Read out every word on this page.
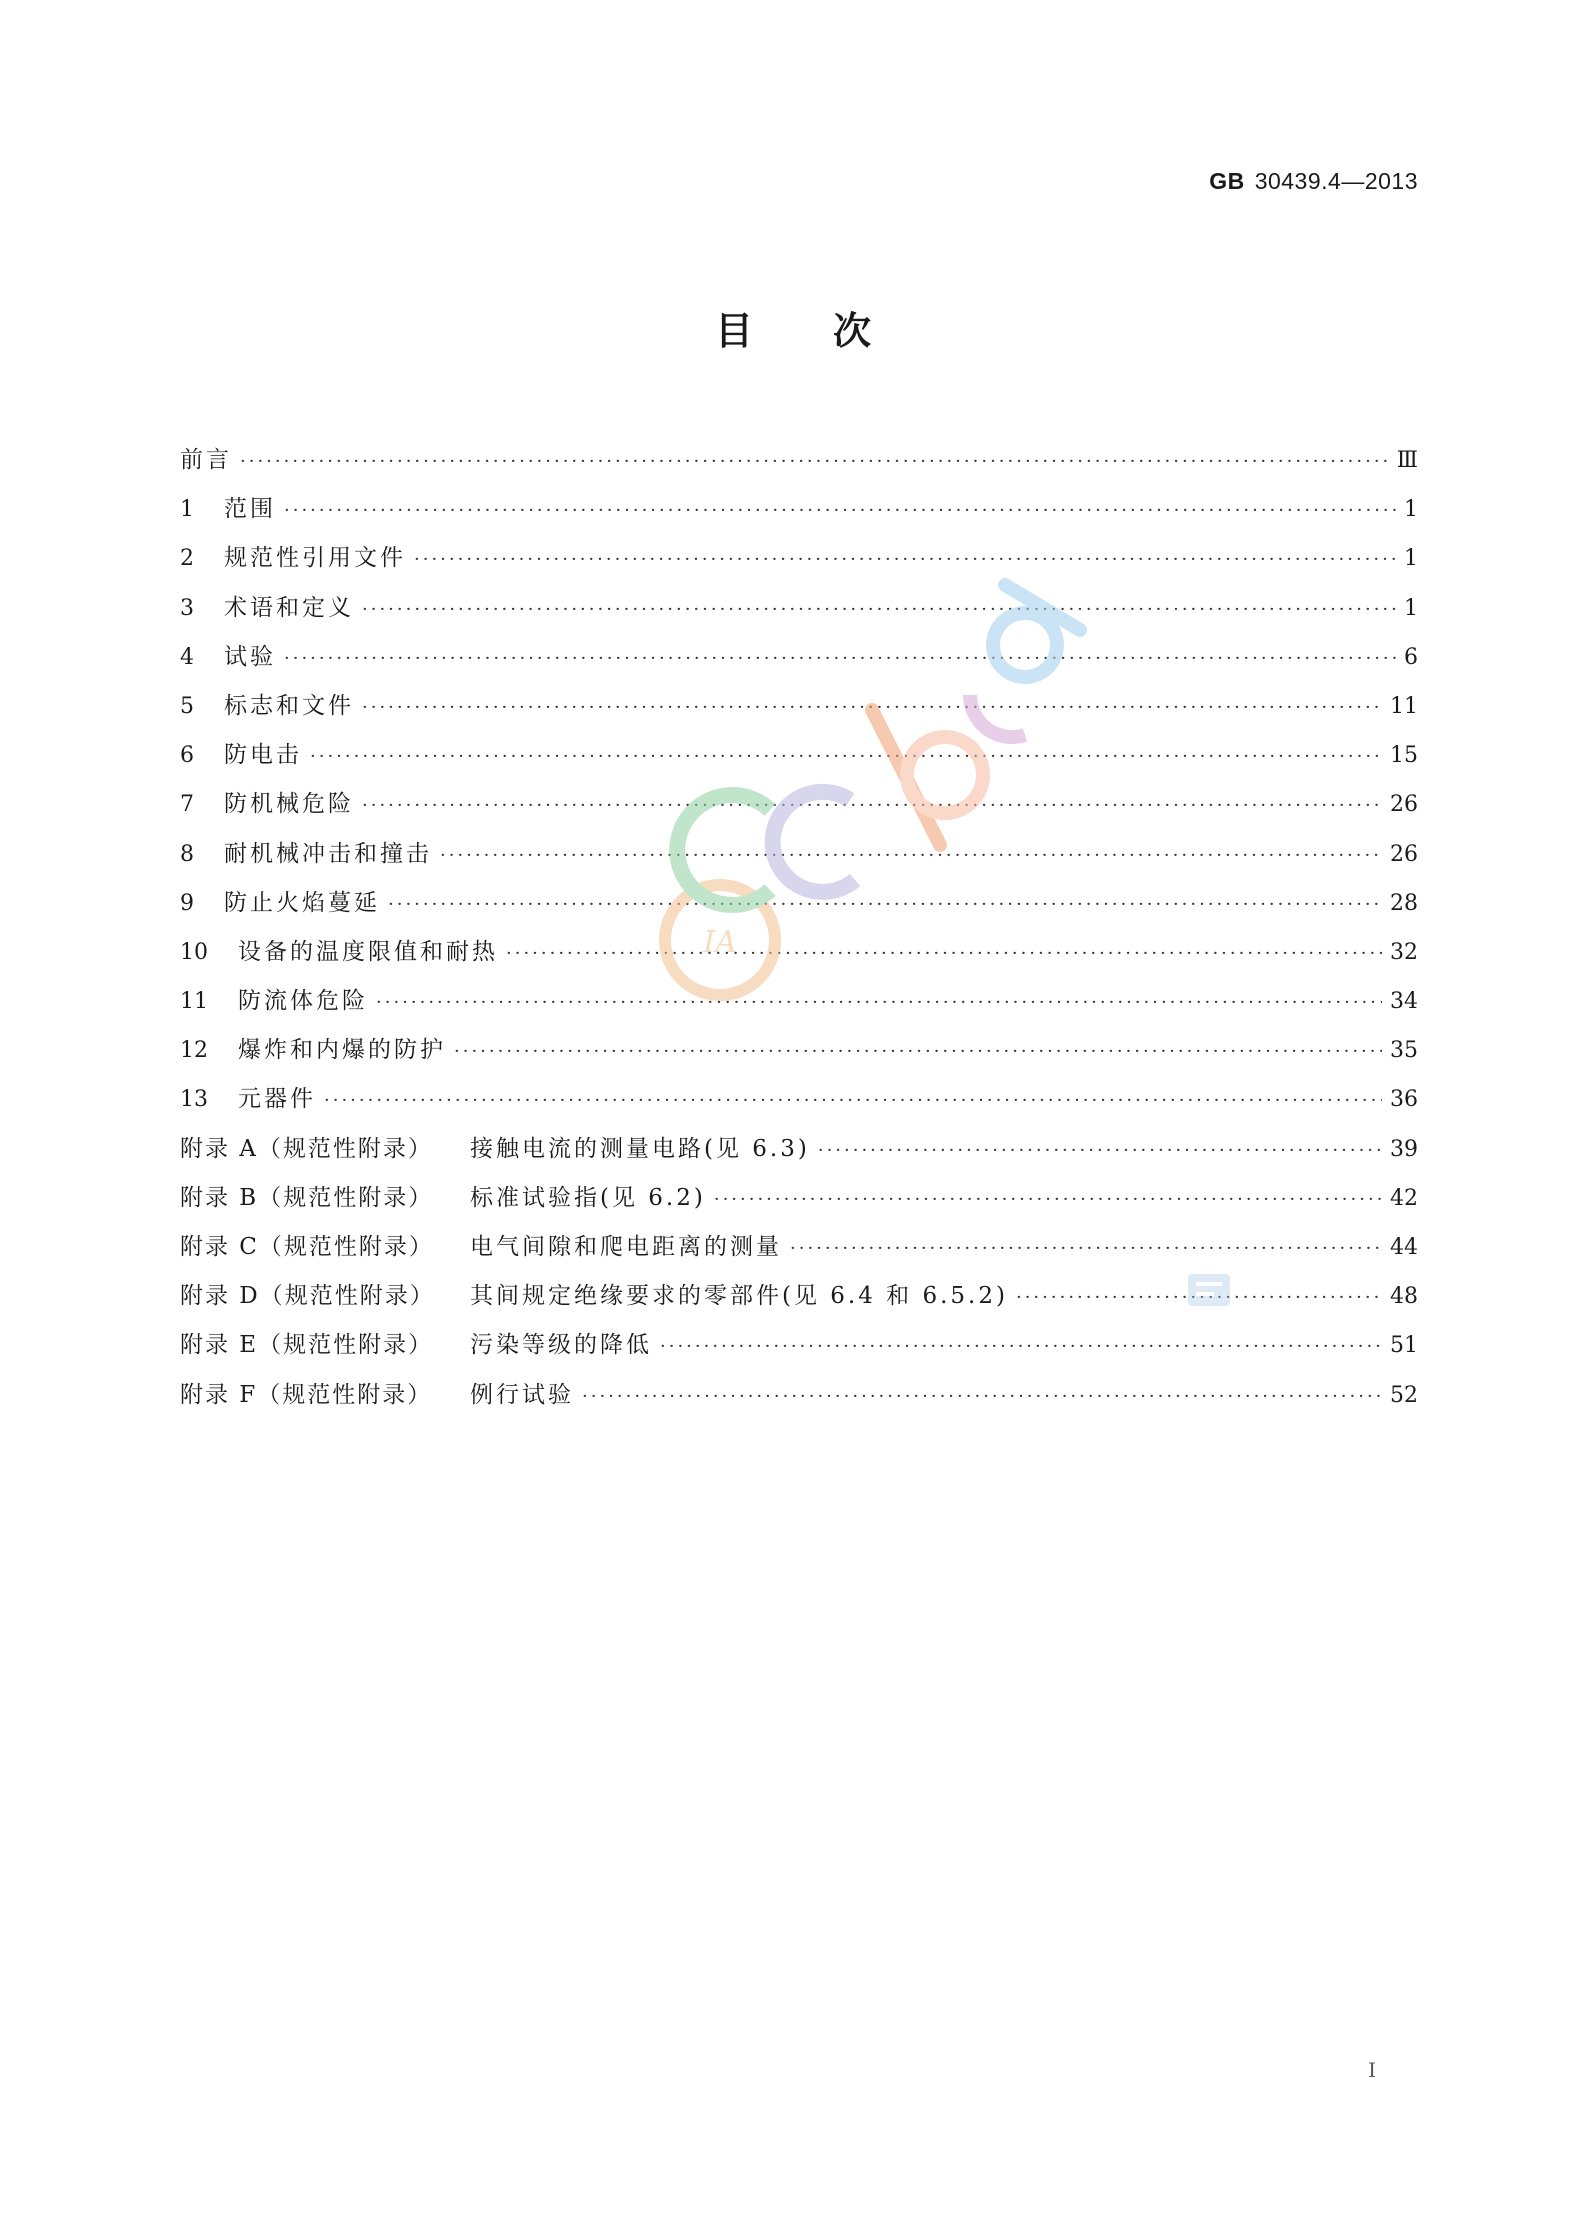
GB 30439.4—2013
目次
前言 ·····	Ⅲ
1	范围 ·····	1
2	规范性引用文件 ·····	1
3	术语和定义 ·····	1
4	试验 ·····	6
5	标志和文件 ·····	11
6	防电击 ·····	15
7	防机械危险 ·····	26
8	耐机械冲击和撞击 ·····	26
9	防止火焰蔓延 ·····	28
10	设备的温度限值和耐热 ·····	32
11	防流体危险 ·····	34
12	爆炸和内爆的防护 ·····	35
13	元器件 ·····	36
附录 A（规范性附录）	接触电流的测量电路(见 6.3) ·····	39
附录 B（规范性附录）	标准试验指(见 6.2) ·····	42
附录 C（规范性附录）	电气间隙和爬电距离的测量 ·····	44
附录 D（规范性附录）	其间规定绝缘要求的零部件(见 6.4 和 6.5.2) ·····	48
附录 E（规范性附录）	污染等级的降低 ·····	51
附录 F（规范性附录）	例行试验 ·····	52
I
IA
